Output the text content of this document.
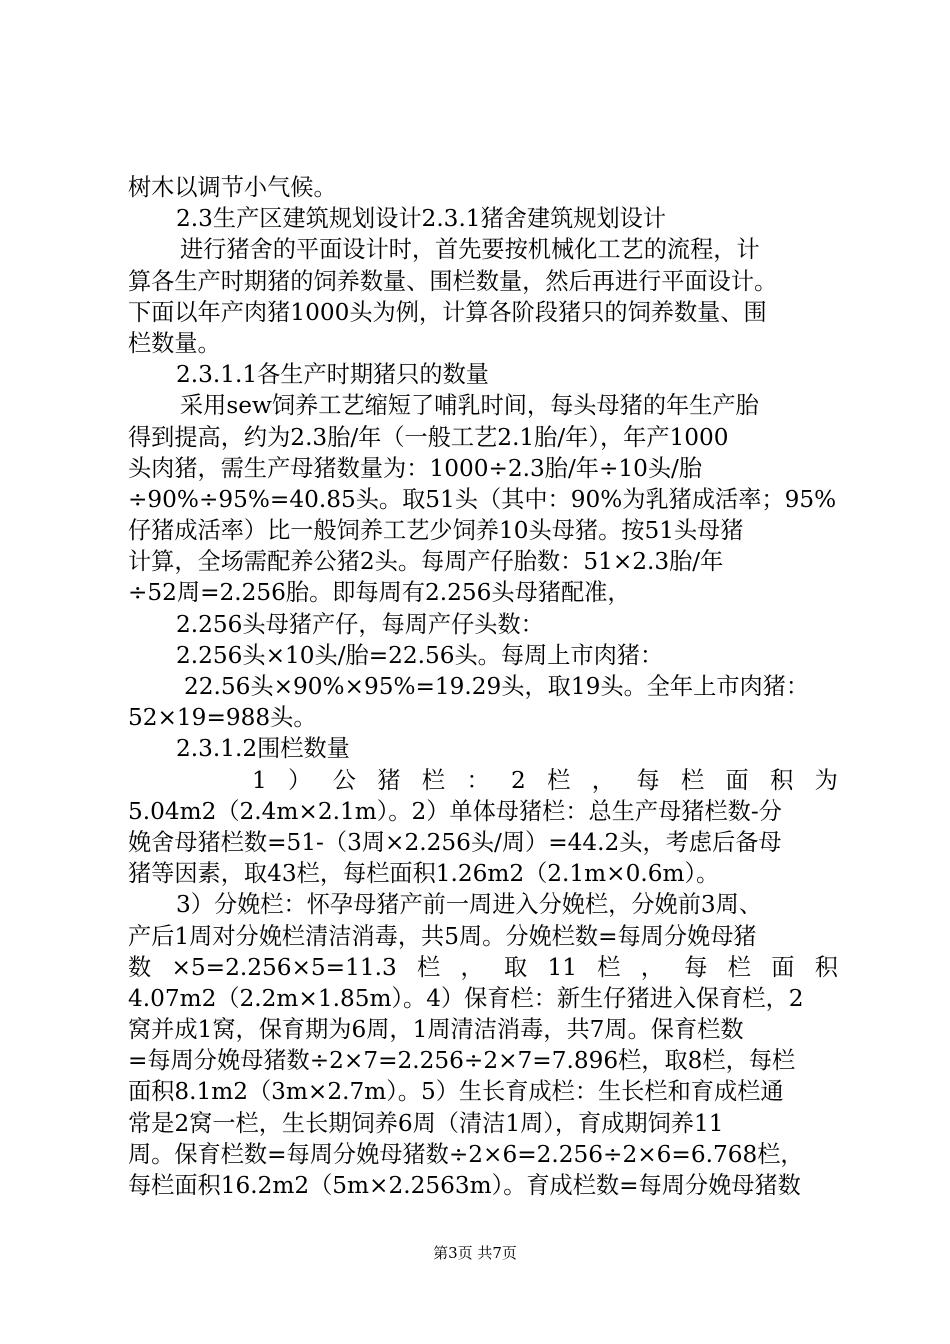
树木以调节小气候。
2.3生产区建筑规划设计2.3.1猪舍建筑规划设计
进行猪舍的平面设计时，首先要按机械化工艺的流程，计
算各生产时期猪的饲养数量、围栏数量，然后再进行平面设计。
下面以年产肉猪1000头为例，计算各阶段猪只的饲养数量、围
栏数量。
2.3.1.1各生产时期猪只的数量
采用sew饲养工艺缩短了哺乳时间，每头母猪的年生产胎
得到提高，约为2.3胎/年（一般工艺2.1胎/年），年产1000
头肉猪，需生产母猪数量为：1000÷2.3胎/年÷10头/胎
÷90%÷95%=40.85头。取51头（其中：90%为乳猪成活率；95%
仔猪成活率）比一般饲养工艺少饲养10头母猪。按51头母猪
计算，全场需配养公猪2头。每周产仔胎数：51×2.3胎/年
÷52周=2.256胎。即每周有2.256头母猪配准，
2.256头母猪产仔，每周产仔头数：
2.256头×10头/胎=22.56头。每周上市肉猪：
22.56头×90%×95%=19.29头，取19头。全年上市肉猪：
52×19=988头。
2.3.1.2围栏数量
1 ） 公 猪 栏 ： 2 栏 ， 每 栏 面 积 为
5.04m2（2.4m×2.1m）。2）单体母猪栏：总生产母猪栏数-分
娩舍母猪栏数=51-（3周×2.256头/周）=44.2头，考虑后备母
猪等因素，取43栏，每栏面积1.26m2（2.1m×0.6m）。
3）分娩栏：怀孕母猪产前一周进入分娩栏，分娩前3周、
产后1周对分娩栏清洁消毒，共5周。分娩栏数=每周分娩母猪
数 ×5=2.256×5=11.3 栏 ， 取 11 栏 ， 每 栏 面 积
4.07m2（2.2m×1.85m）。4）保育栏：新生仔猪进入保育栏，2
窝并成1窝，保育期为6周，1周清洁消毒，共7周。保育栏数
=每周分娩母猪数÷2×7=2.256÷2×7=7.896栏，取8栏，每栏
面积8.1m2（3m×2.7m）。5）生长育成栏：生长栏和育成栏通
常是2窝一栏，生长期饲养6周（清洁1周），育成期饲养11
周。保育栏数=每周分娩母猪数÷2×6=2.256÷2×6=6.768栏，
每栏面积16.2m2（5m×2.2563m）。育成栏数=每周分娩母猪数
第3页 共7页
